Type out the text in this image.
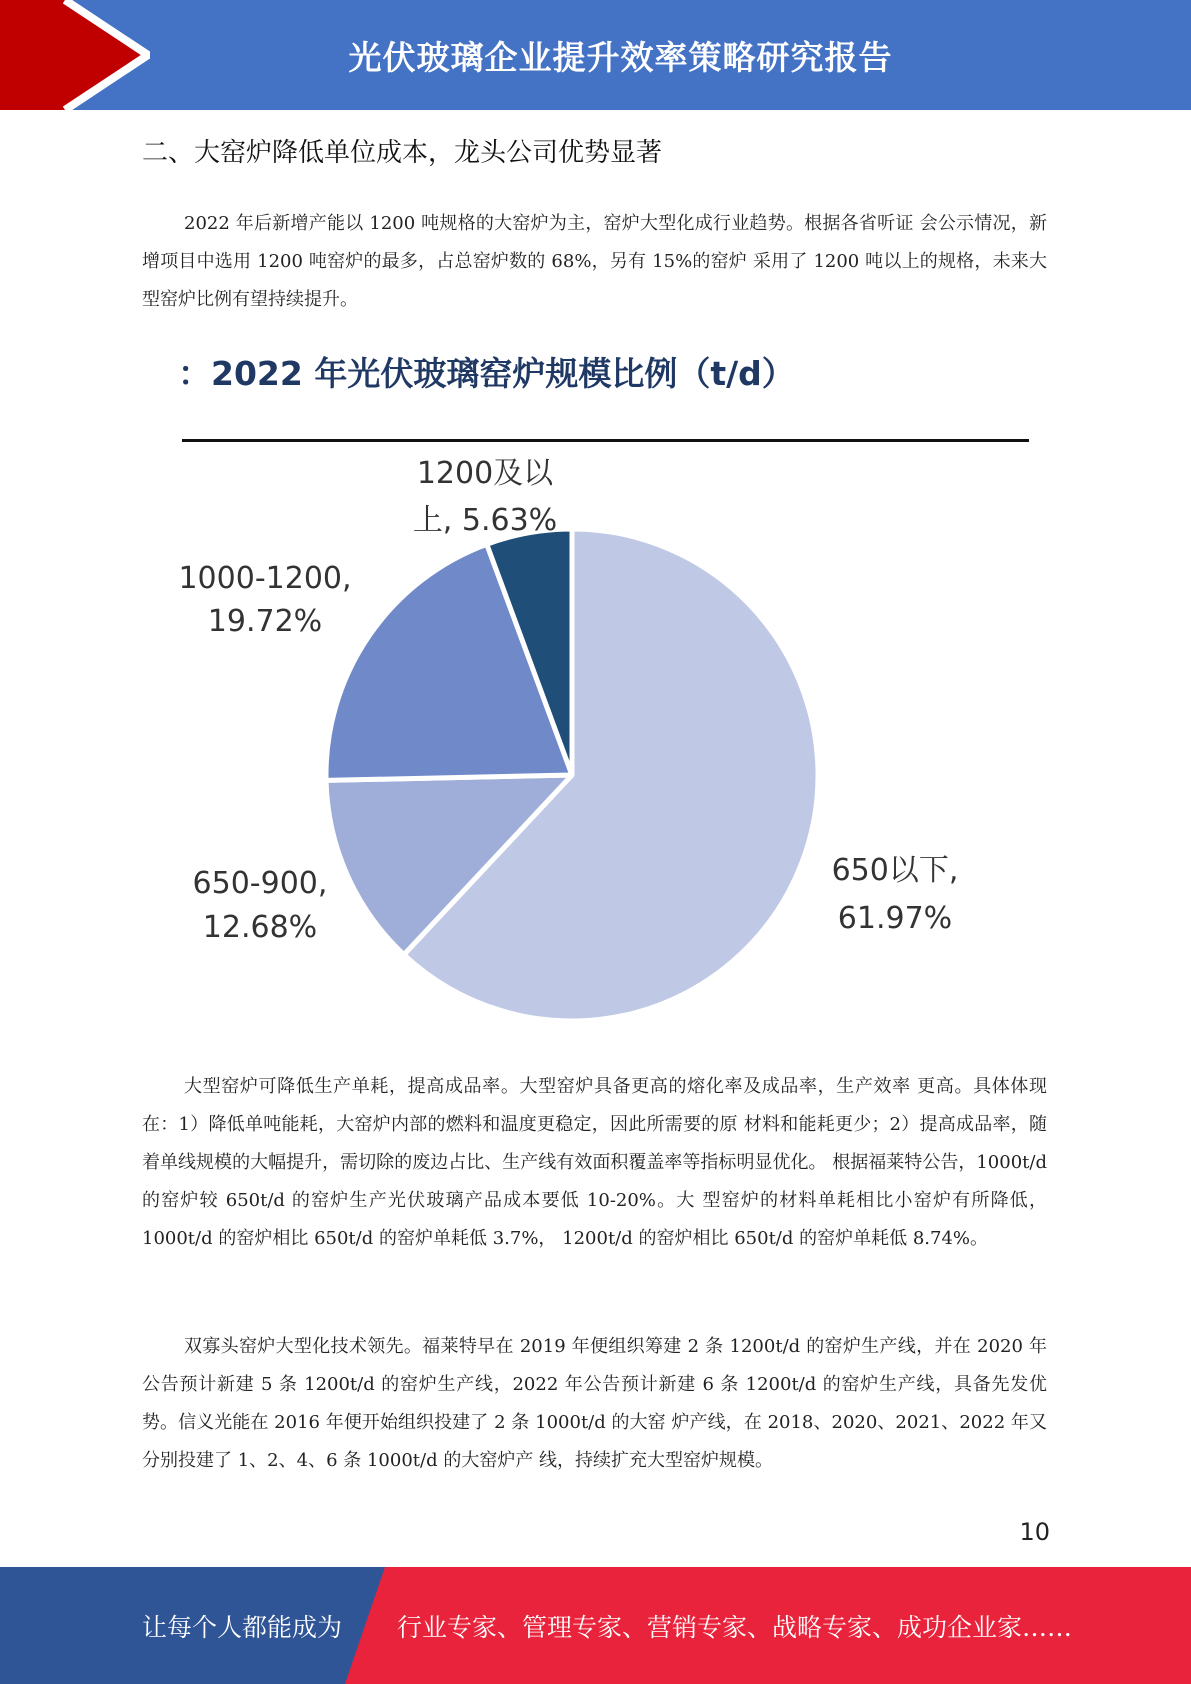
光伏玻璃企业提升效率策略研究报告
二、大窑炉降低单位成本，龙头公司优势显著
2022 年后新增产能以 1200 吨规格的大窑炉为主，窑炉大型化成行业趋势。根据各省听证 会公示情况，新增项目中选用 1200 吨窑炉的最多，占总窑炉数的 68%，另有 15%的窑炉 采用了 1200 吨以上的规格，未来大型窑炉比例有望持续提升。
：2022 年光伏玻璃窑炉规模比例（t/d）
650以下,
61.97%
650-900,
12.68%
1000-1200,
19.72%
1200及以
上, 5.63%
大型窑炉可降低生产单耗，提高成品率。大型窑炉具备更高的熔化率及成品率，生产效率 更高。具体体现在：1）降低单吨能耗，大窑炉内部的燃料和温度更稳定，因此所需要的原 材料和能耗更少；2）提高成品率，随着单线规模的大幅提升，需切除的废边占比、生产线有效面积覆盖率等指标明显优化。 根据福莱特公告，1000t/d 的窑炉较 650t/d 的窑炉生产光伏玻璃产品成本要低 10-20%。大 型窑炉的材料单耗相比小窑炉有所降低，1000t/d 的窑炉相比 650t/d 的窑炉单耗低 3.7%， 1200t/d 的窑炉相比 650t/d 的窑炉单耗低 8.74%。
双寡头窑炉大型化技术领先。福莱特早在 2019 年便组织筹建 2 条 1200t/d 的窑炉生产线，并在 2020 年公告预计新建 5 条 1200t/d 的窑炉生产线，2022 年公告预计新建 6 条 1200t/d 的窑炉生产线，具备先发优势。信义光能在 2016 年便开始组织投建了 2 条 1000t/d 的大窑 炉产线，在 2018、2020、2021、2022 年又分别投建了 1、2、4、6 条 1000t/d 的大窑炉产 线，持续扩充大型窑炉规模。
10
让每个人都能成为 行业专家、管理专家、营销专家、战略专家、成功企业家……
